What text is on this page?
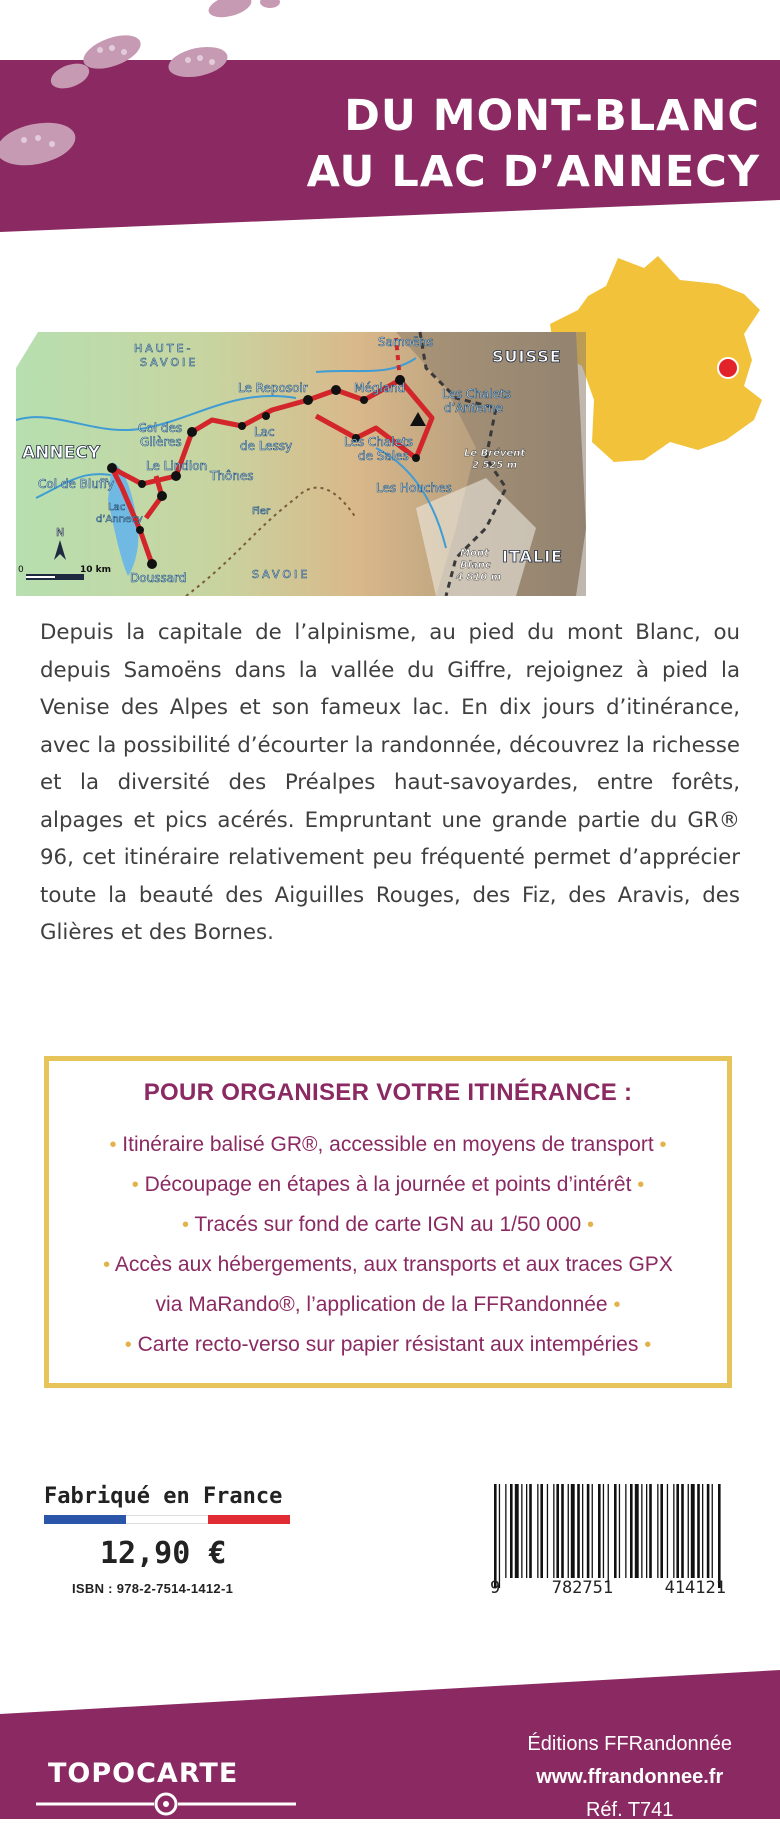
DU MONT-BLANC
AU LAC D’ANNECY
HAUTE-
SAVOIE
Samoëns
Le Reposoir	Mégland	Les Chalets
d’Anterne
Col des
Glières
Lac
de Lessy	Les Chalets
de Sales
Le Lindion
Thônes
Col de Bluffy	Les Houches
Lac
d’Annecy
Fier
Doussard	SAVOIE
Le Brévent
2 525 m
Mont
Blanc
4 810 m
ANNECY
SUISSE
ITALIE
N
0	10 km

Depuis la capitale de l’alpinisme, au pied du mont Blanc, ou depuis Samoëns dans la vallée du Giffre, rejoignez à pied la Venise des Alpes et son fameux lac. En dix jours d’itinérance, avec la possibilité d’écourter la randonnée, découvrez la richesse et la diversité des Préalpes haut-savoyardes, entre forêts, alpages et pics acérés. Empruntant une grande partie du GR® 96, cet itinéraire relativement peu fréquenté permet d’apprécier toute la beauté des Aiguilles Rouges, des Fiz, des Aravis, des Glières et des Bornes.

POUR ORGANISER VOTRE ITINÉRANCE :
• Itinéraire balisé GR®, accessible en moyens de transport •
• Découpage en étapes à la journée et points d’intérêt •
• Tracés sur fond de carte IGN au 1/50 000 •
• Accès aux hébergements, aux transports et aux traces GPX
via MaRando®, l’application de la FFRandonnée •
• Carte recto-verso sur papier résistant aux intempéries •
Fabriqué en France
12,90 €
ISBN : 978-2-7514-1412-1	9	782751	414121
TOPOCARTE
Éditions FFRandonnée
www.ffrandonnee.fr
Réf. T741
